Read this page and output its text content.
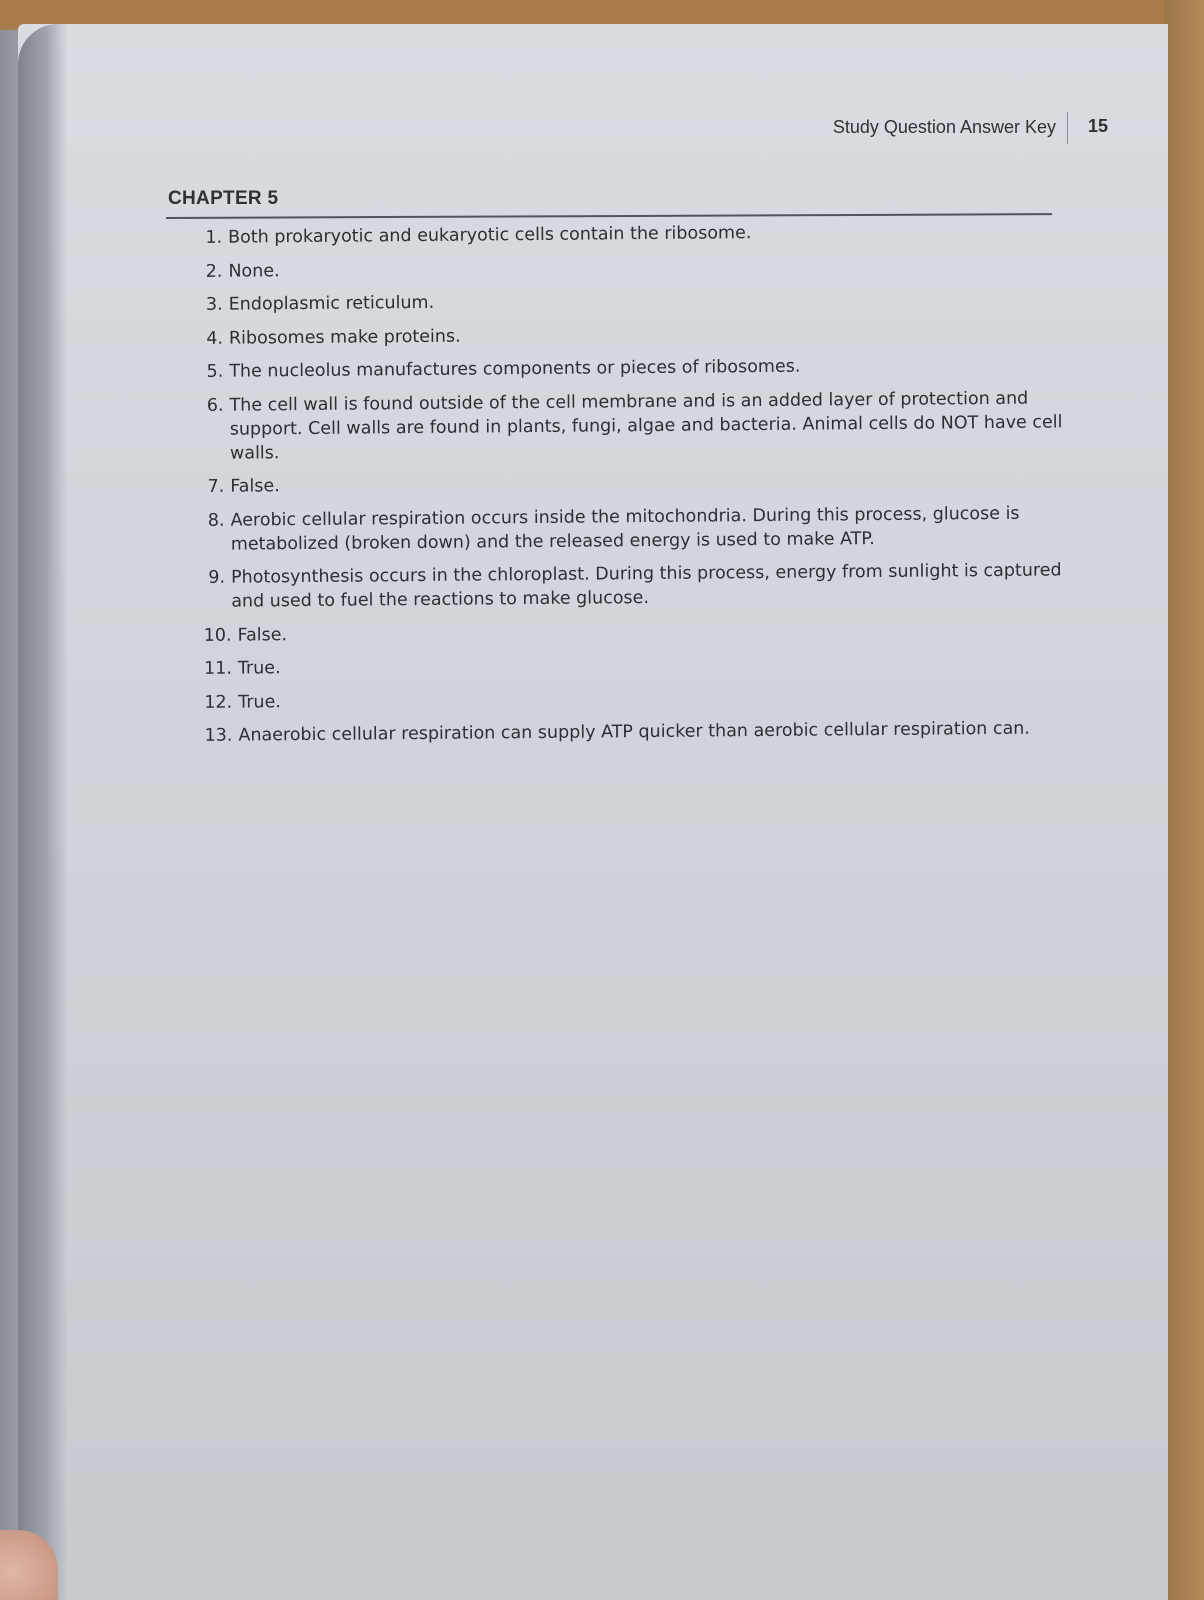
Study Question Answer Key 15
CHAPTER 5
1. Both prokaryotic and eukaryotic cells contain the ribosome.
2. None.
3. Endoplasmic reticulum.
4. Ribosomes make proteins.
5. The nucleolus manufactures components or pieces of ribosomes.
6. The cell wall is found outside of the cell membrane and is an added layer of protection and support. Cell walls are found in plants, fungi, algae and bacteria. Animal cells do NOT have cell walls.
7. False.
8. Aerobic cellular respiration occurs inside the mitochondria. During this process, glucose is metabolized (broken down) and the released energy is used to make ATP.
9. Photosynthesis occurs in the chloroplast. During this process, energy from sunlight is captured and used to fuel the reactions to make glucose.
10. False.
11. True.
12. True.
13. Anaerobic cellular respiration can supply ATP quicker than aerobic cellular respiration can.
